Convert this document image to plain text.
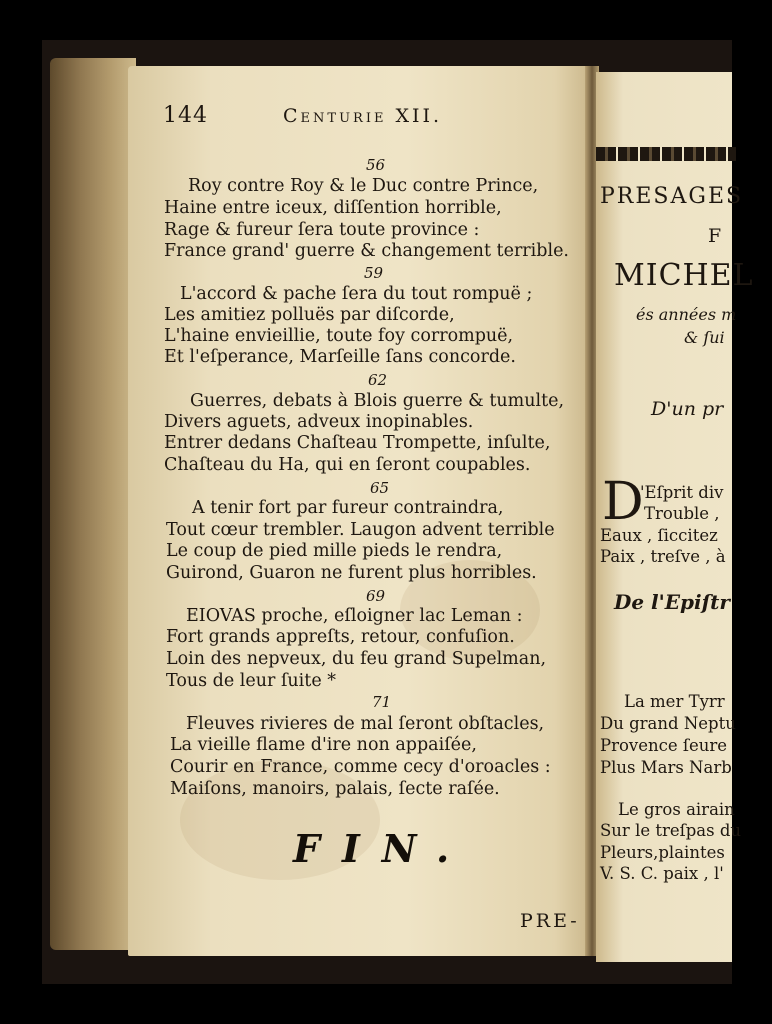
144	Centurie XII.
56
Roy contre Roy & le Duc contre Prince,
Haine entre iceux, diſſention horrible,
Rage & fureur ſera toute province :
France grand' guerre & changement terrible.
59
L'accord & pache ſera du tout rompuë ;
Les amitiez polluës par diſcorde,
L'haine envieillie, toute foy corrompuë,
Et l'eſperance, Marſeille ſans concorde.
62
Guerres, debats à Blois guerre & tumulte,
Divers aguets, adveux inopinables.
Entrer dedans Chaſteau Trompette, inſulte,
Chaſteau du Ha, qui en ſeront coupables.
65
A tenir fort par fureur contraindra,
Tout cœur trembler. Laugon advent terrible
Le coup de pied mille pieds le rendra,
Guirond, Guaron ne furent plus horribles.
69
EIOVAS proche, eſloigner lac Leman :
Fort grands appreſts, retour, confuſion.
Loin des nepveux, du feu grand Supelman,
Tous de leur ſuite *
71
Fleuves rivieres de mal ſeront obſtacles,
La vieille flame d'ire non appaiſée,
Courir en France, comme cecy d'oroacles :
Maiſons, manoirs, palais, ſecte raſée.
FIN.
PRE-
PRESAGES
F
MICHEL
és années m
& ſui
D'un pr
D
'Eſprit div
Trouble ,
Eaux , ſiccitez
Paix , treſve , à
De l'Epiſtr
La mer Tyrr
Du grand Neptu
Provence ſeure
Plus Mars Narb
Le gros airain
Sur le treſpas du
Pleurs,plaintes
V. S. C. paix , l'
